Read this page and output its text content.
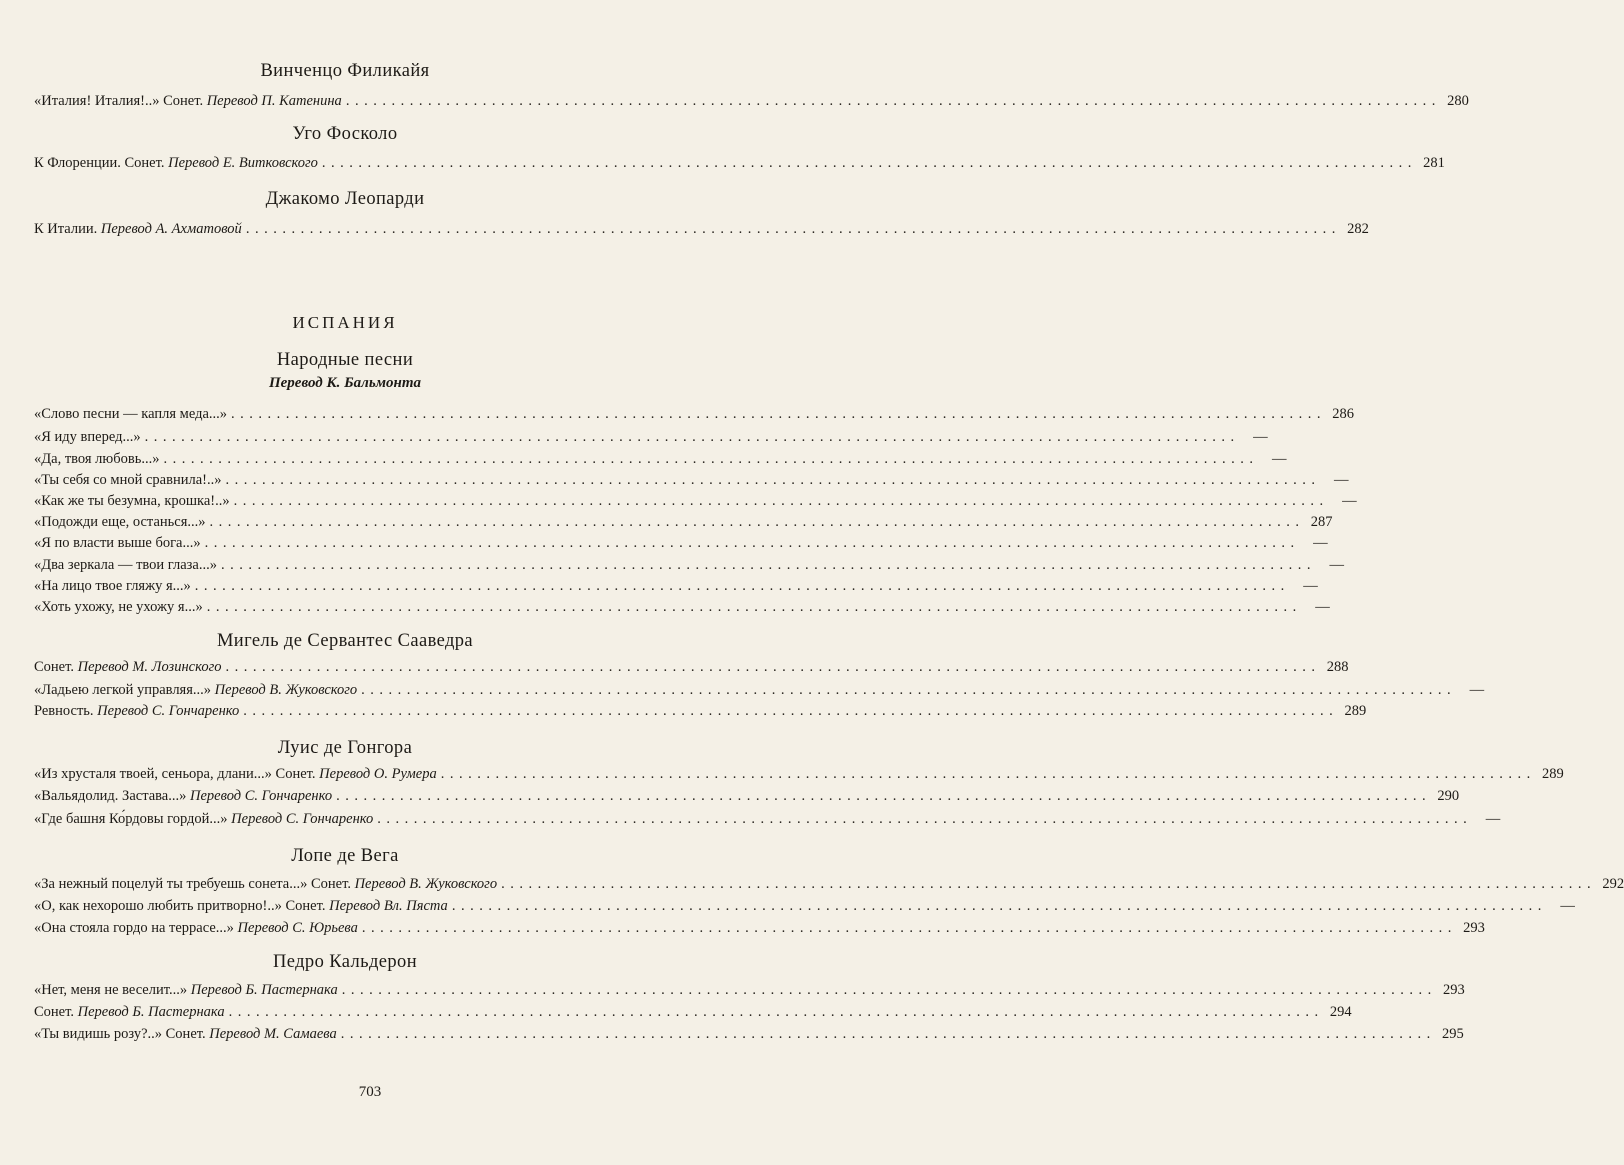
Винченцо Филикайя
«Италия! Италия!..» Сонет. Перевод П. Катенина ........................................................................................................................ 280
Уго Фосколо
К Флоренции. Сонет. Перевод Е. Витковского ........................................................................................................................ 281
Джакомо Леопарди
К Италии. Перевод А. Ахматовой ........................................................................................................................ 282
ИСПАНИЯ
Народные песни
Перевод К. Бальмонта
«Слово песни — капля меда...» ........................................................................................................................ 286
«Я иду вперед...» ........................................................................................................................ —
«Да, твоя любовь...» ........................................................................................................................ —
«Ты себя со мной сравнила!..» ........................................................................................................................ —
«Как же ты безумна, крошка!..» ........................................................................................................................ —
«Подожди еще, останься...» ........................................................................................................................ 287
«Я по власти выше бога...» ........................................................................................................................ —
«Два зеркала — твои глаза...» ........................................................................................................................ —
«На лицо твое гляжу я...» ........................................................................................................................ —
«Хоть ухожу, не ухожу я...» ........................................................................................................................ —
Мигель де Сервантес Сааведра
Сонет. Перевод М. Лозинского ........................................................................................................................ 288
«Ладьею легкой управляя...» Перевод В. Жуковского ........................................................................................................................ —
Ревность. Перевод С. Гончаренко ........................................................................................................................ 289
Луис де Гонгора
«Из хрусталя твоей, сеньора, длани...» Сонет. Перевод О. Румера ........................................................................................................................ 289
«Вальядолид. Застава...» Перевод С. Гончаренко ........................................................................................................................ 290
«Где башня Ко́рдовы гордой...» Перевод С. Гончаренко ........................................................................................................................ —
Лопе де Вега
«За нежный поцелуй ты требуешь сонета...» Сонет. Перевод В. Жуковского ........................................................................................................................ 292
«О, как нехорошо любить притворно!..» Сонет. Перевод Вл. Пяста ........................................................................................................................ —
«Она стояла гордо на террасе...» Перевод С. Юрьева ........................................................................................................................ 293
Педро Кальдерон
«Нет, меня не веселит...» Перевод Б. Пастернака ........................................................................................................................ 293
Сонет. Перевод Б. Пастернака ........................................................................................................................ 294
«Ты видишь розу?..» Сонет. Перевод М. Самаева ........................................................................................................................ 295

703
